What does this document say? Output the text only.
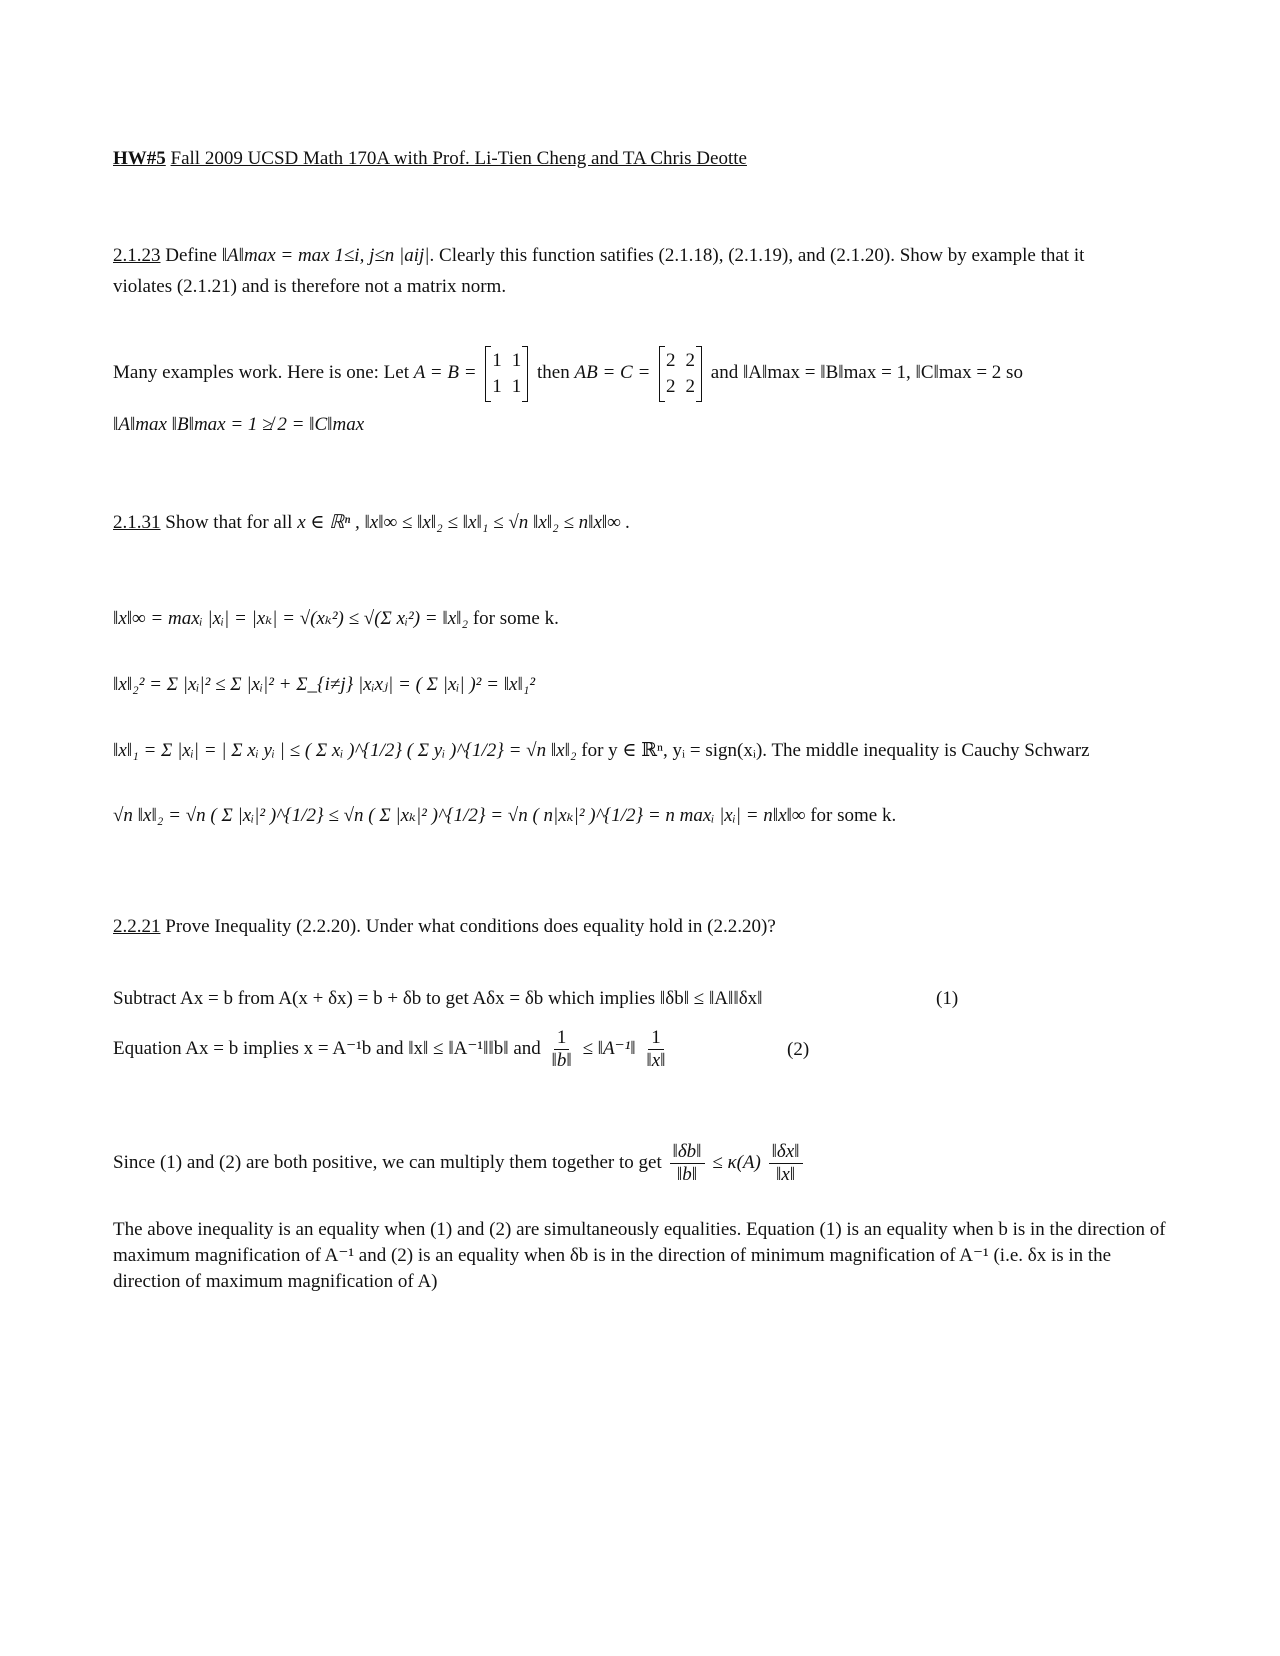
HW#5 Fall 2009 UCSD Math 170A with Prof. Li-Tien Cheng and TA Chris Deotte
2.1.23 Define ‖A‖max = max 1≤i, j≤n |aij|. Clearly this function satifies (2.1.18), (2.1.19), and (2.1.20). Show by example that it
violates (2.1.21) and is therefore not a matrix norm.
Many examples work. Here is one: Let A = B =
1 1
1 1
then AB = C =
2 2
2 2
and ‖A‖max = ‖B‖max = 1, ‖C‖max = 2 so
‖A‖max ‖B‖max = 1 ≱ 2 = ‖C‖max
2.1.31 Show that for all x ∈ ℝⁿ , ‖x‖∞ ≤ ‖x‖₂ ≤ ‖x‖₁ ≤ √n ‖x‖₂ ≤ n‖x‖∞ .
‖x‖∞ = maxᵢ |xᵢ| = |xₖ| = √(xₖ²) ≤ √(Σ xᵢ²) = ‖x‖₂ for some k.
‖x‖₂² = Σ |xᵢ|² ≤ Σ |xᵢ|² + Σ_{i≠j} |xᵢxⱼ| = ( Σ |xᵢ| )² = ‖x‖₁²
‖x‖₁ = Σ |xᵢ| = | Σ xᵢ yᵢ | ≤ ( Σ xᵢ )^{1/2} ( Σ yᵢ )^{1/2} = √n ‖x‖₂ for y ∈ ℝⁿ, yᵢ = sign(xᵢ). The middle inequality is Cauchy Schwarz
√n ‖x‖₂ = √n ( Σ |xᵢ|² )^{1/2} ≤ √n ( Σ |xₖ|² )^{1/2} = √n ( n|xₖ|² )^{1/2} = n maxᵢ |xᵢ| = n‖x‖∞ for some k.
2.2.21 Prove Inequality (2.2.20). Under what conditions does equality hold in (2.2.20)?
Subtract Ax = b from A(x + δx) = b + δb to get Aδx = δb which implies ‖δb‖ ≤ ‖A‖‖δx‖	(1)
Equation Ax = b implies x = A⁻¹b and ‖x‖ ≤ ‖A⁻¹‖‖b‖ and $\frac{1}{‖b‖}$ ≤ ‖A⁻¹‖ $\frac{1}{‖x‖}$	(2)
Since (1) and (2) are both positive, we can multiply them together to get $\frac{‖\delta b‖}{‖b‖} \le \kappa(A) \frac{‖\delta x‖}{‖x‖}$
The above inequality is an equality when (1) and (2) are simultaneously equalities. Equation (1) is an equality when b is in the direction of maximum magnification of A⁻¹ and (2) is an equality when δb is in the direction of minimum magnification of A⁻¹ (i.e. δx is in the direction of maximum magnification of A)
